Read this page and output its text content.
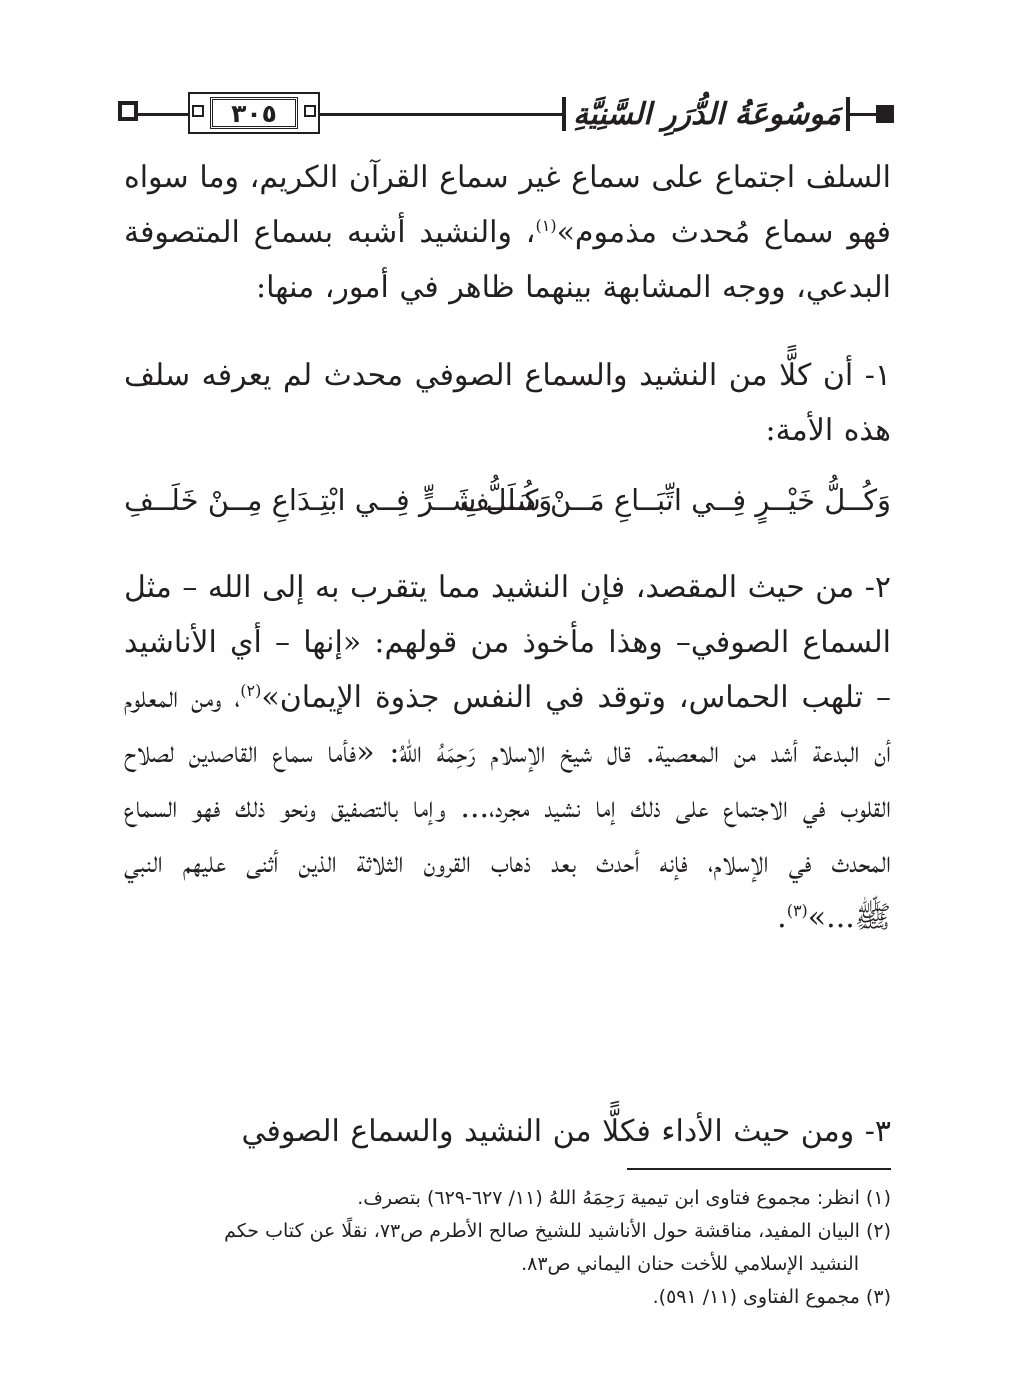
مَوسُوعَةُ الدُّرَرِ السَّنِيَّةِ
٣٠٥

السلف اجتماع على سماع غير سماع القرآن الكريم، وما سواه فهو سماع مُحدث مذموم»$^{(١)}$، والنشيد أشبه بسماع المتصوفة البدعي، ووجه المشابهة بينهما ظاهر في أمور، منها:

١- أن كلًّا من النشيد والسماع الصوفي محدث لم يعرفه سلف هذه الأمة:

وَكُــلُّ خَيْــرٍ فِــي اتِّبَــاعِ مَــنْ سَلَــفِ
وَكُــلُّ شَــرٍّ فِــي ابْتِـدَاعِ مِــنْ خَلَــفِ

٢- من حيث المقصد، فإن النشيد مما يتقرب به إلى الله – مثل السماع الصوفي– وهذا مأخوذ من قولهم: «إنها – أي الأناشيد – تلهب الحماس، وتوقد في النفس جذوة الإيمان»$^{(٢)}$، ومن المعلوم أن البدعة أشد من المعصية. قال شيخ الإسلام رَحِمَهُ اللهُ: «فأما سماع القاصدين لصلاح القلوب في الاجتماع على ذلك إما نشيد مجرد،... وإما بالتصفيق ونحو ذلك فهو السماع المحدث في الإسلام، فإنه أحدث بعد ذهاب القرون الثلاثة الذين أثنى عليهم النبي ﷺ...»$^{(٣)}$.

٣- ومن حيث الأداء فكلًّا من النشيد والسماع الصوفي

(١) انظر: مجموع فتاوى ابن تيمية رَحِمَهُ اللهُ (١١/ ٦٢٧-٦٢٩) بتصرف.
(٢) البيان المفيد، مناقشة حول الأناشيد للشيخ صالح الأطرم ص٧٣، نقلًا عن كتاب حكم
النشيد الإسلامي للأخت حنان اليماني ص٨٣.
(٣) مجموع الفتاوى (١١/ ٥٩١).
